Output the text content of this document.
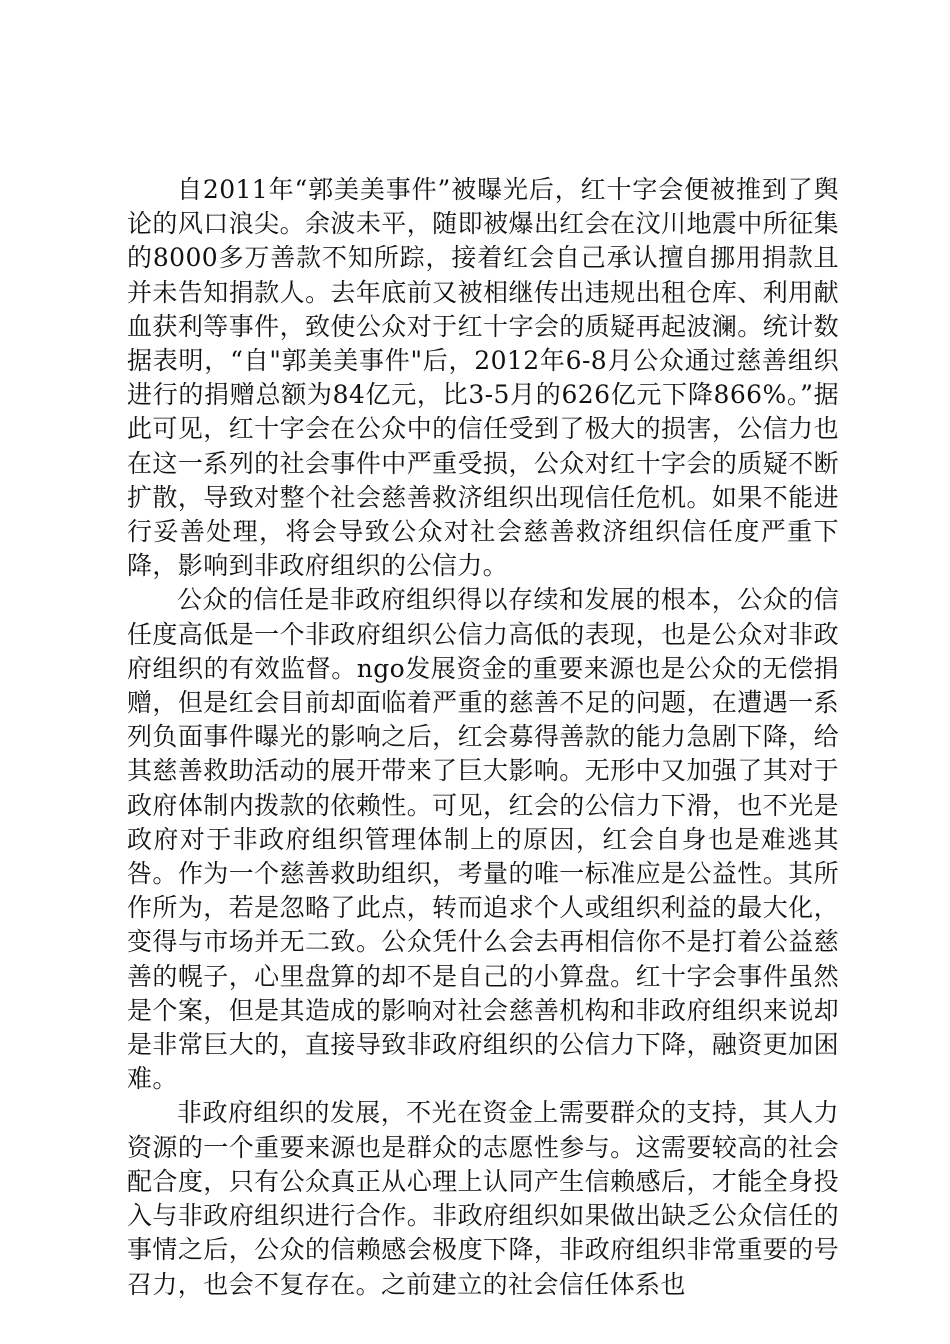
自2011年“郭美美事件”被曝光后，红十字会便被推到了舆论的风口浪尖。余波未平，随即被爆出红会在汶川地震中所征集的8000多万善款不知所踪，接着红会自己承认擅自挪用捐款且并未告知捐款人。去年底前又被相继传出违规出租仓库、利用献血获利等事件，致使公众对于红十字会的质疑再起波澜。统计数据表明，“自"郭美美事件"后，2012年6-8月公众通过慈善组织进行的捐赠总额为84亿元，比3-5月的626亿元下降866%。”据此可见，红十字会在公众中的信任受到了极大的损害，公信力也在这一系列的社会事件中严重受损，公众对红十字会的质疑不断扩散，导致对整个社会慈善救济组织出现信任危机。如果不能进行妥善处理，将会导致公众对社会慈善救济组织信任度严重下降，影响到非政府组织的公信力。

公众的信任是非政府组织得以存续和发展的根本，公众的信任度高低是一个非政府组织公信力高低的表现，也是公众对非政府组织的有效监督。ngo发展资金的重要来源也是公众的无偿捐赠，但是红会目前却面临着严重的慈善不足的问题，在遭遇一系列负面事件曝光的影响之后，红会募得善款的能力急剧下降，给其慈善救助活动的展开带来了巨大影响。无形中又加强了其对于政府体制内拨款的依赖性。可见，红会的公信力下滑，也不光是政府对于非政府组织管理体制上的原因，红会自身也是难逃其咎。作为一个慈善救助组织，考量的唯一标准应是公益性。其所作所为，若是忽略了此点，转而追求个人或组织利益的最大化，变得与市场并无二致。公众凭什么会去再相信你不是打着公益慈善的幌子，心里盘算的却不是自己的小算盘。红十字会事件虽然是个案，但是其造成的影响对社会慈善机构和非政府组织来说却是非常巨大的，直接导致非政府组织的公信力下降，融资更加困难。

非政府组织的发展，不光在资金上需要群众的支持，其人力资源的一个重要来源也是群众的志愿性参与。这需要较高的社会配合度，只有公众真正从心理上认同产生信赖感后，才能全身投入与非政府组织进行合作。非政府组织如果做出缺乏公众信任的事情之后，公众的信赖感会极度下降，非政府组织非常重要的号召力，也会不复存在。之前建立的社会信任体系也
